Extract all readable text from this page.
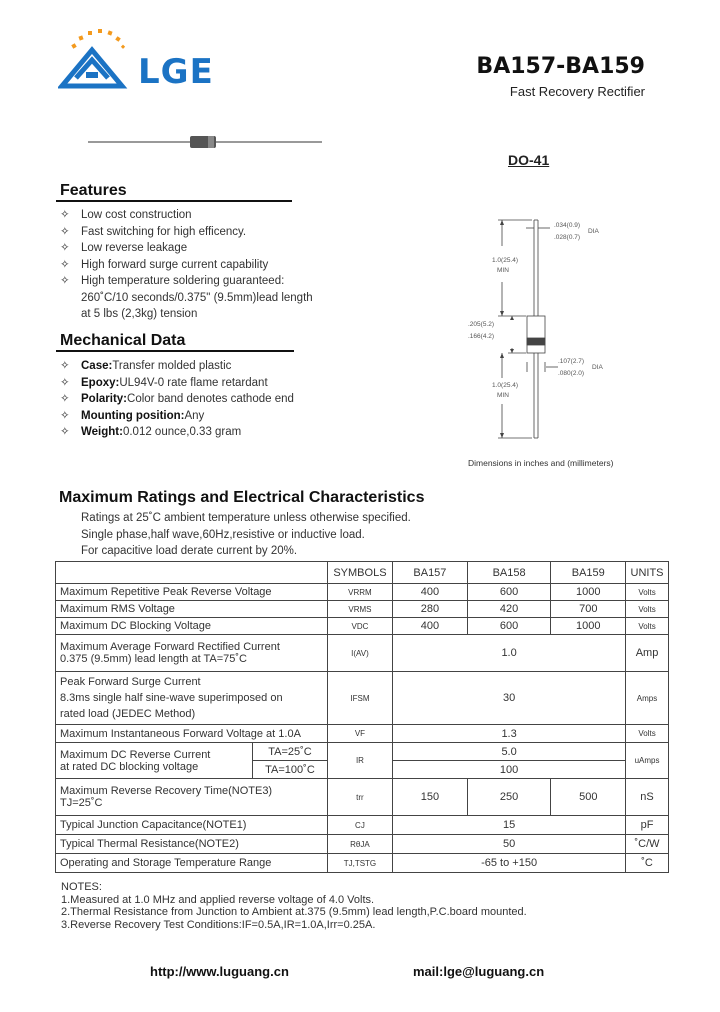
LGE	BA157-BA159
Fast Recovery Rectifier
DO-41
Features
✧ Low cost construction
✧ Fast switching for high efficency.
✧ Low reverse leakage
✧ High forward surge current capability
✧ High temperature soldering guaranteed:
260˚C/10 seconds/0.375" (9.5mm)lead length
at 5 lbs (2,3kg) tension
Mechanical Data
✧ Case:Transfer molded plastic
✧ Epoxy:UL94V-0 rate flame retardant
✧ Polarity:Color band denotes cathode end
✧ Mounting position:Any
✧ Weight:0.012 ounce,0.33 gram
.034(0.9)
DIA
.028(0.7)
1.0(25.4)
MIN
.205(5.2)
.166(4.2)
.107(2.7)
DIA
.080(2.0)
1.0(25.4)
MIN
Dimensions in inches and (millimeters)
Maximum Ratings and Electrical Characteristics
Ratings at 25˚C ambient temperature unless otherwise specified.
Single phase,half wave,60Hz,resistive or inductive load.
For capacitive load derate current by 20%.
		SYMBOLS	BA157	BA158	BA159	UNITS
Maximum Repetitive Peak Reverse Voltage		VRRM	400	600	1000	Volts
Maximum RMS Voltage		VRMS	280	420	700	Volts
Maximum DC Blocking Voltage		VDC	400	600	1000	Volts

Maximum Average Forward Rectified Current
0.375 (9.5mm) lead length at TA=75˚C		I(AV)	1.0			Amp

Peak Forward Surge Current
8.3ms single half sine-wave superimposed on
rated load (JEDEC Method)		IFSM	30			Amps
Maximum Instantaneous Forward Voltage at 1.0A		VF	1.3			Volts

Maximum DC Reverse Current
at rated DC blocking voltage	TA=25˚C	IR	5.0			uAmps
	TA=100˚C		100			

Maximum Reverse Recovery Time(NOTE3)
TJ=25˚C		trr	150	250	500	nS
Typical Junction Capacitance(NOTE1)		CJ	15			pF
Typical Thermal Resistance(NOTE2)		RθJA	50			˚C/W
Operating and Storage Temperature Range		TJ,TSTG	-65 to +150			˚C
NOTES:
1.Measured at 1.0 MHz and applied reverse voltage of 4.0 Volts.
2.Thermal Resistance from Junction to Ambient at.375 (9.5mm) lead length,P.C.board mounted.
3.Reverse Recovery Test Conditions:IF=0.5A,IR=1.0A,Irr=0.25A.
http://www.luguang.cn	mail:lge@luguang.cn
